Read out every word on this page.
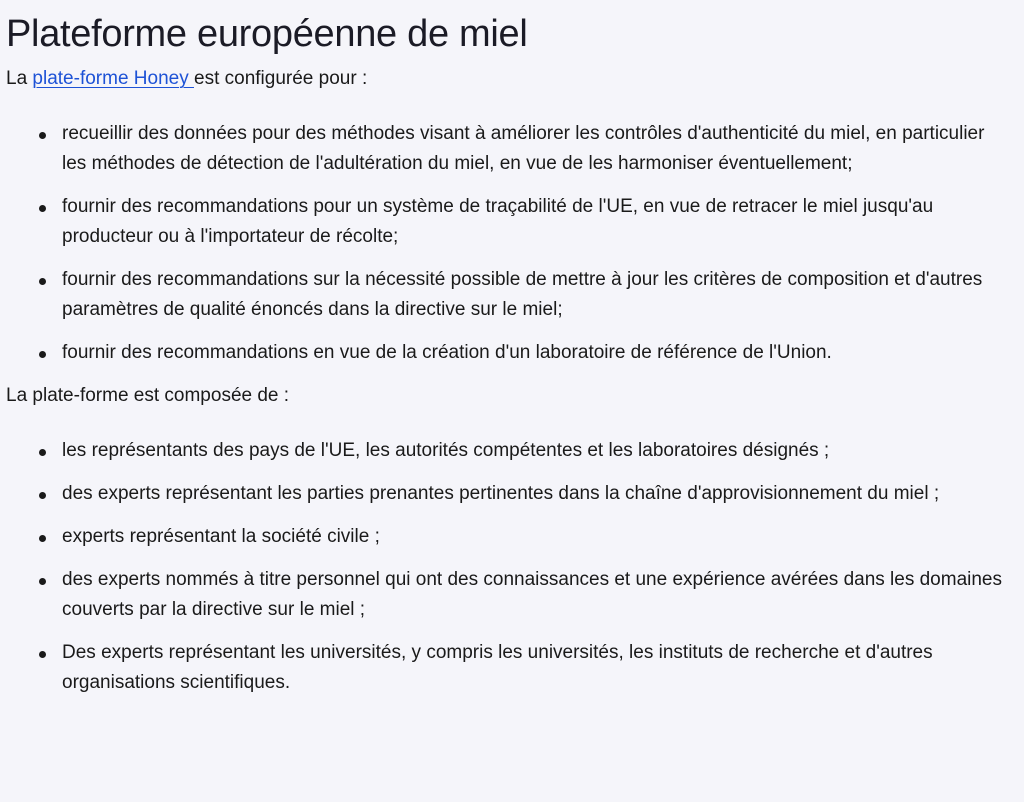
Plateforme européenne de miel

La plate-forme Honey est configurée pour :

recueillir des données pour des méthodes visant à améliorer les contrôles d'authenticité du miel, en particulier les méthodes de détection de l'adultération du miel, en vue de les harmoniser éventuellement;
fournir des recommandations pour un système de traçabilité de l'UE, en vue de retracer le miel jusqu'au producteur ou à l'importateur de récolte;
fournir des recommandations sur la nécessité possible de mettre à jour les critères de composition et d'autres paramètres de qualité énoncés dans la directive sur le miel;
fournir des recommandations en vue de la création d'un laboratoire de référence de l'Union.

La plate-forme est composée de :

les représentants des pays de l'UE, les autorités compétentes et les laboratoires désignés ;
des experts représentant les parties prenantes pertinentes dans la chaîne d'approvisionnement du miel ;
experts représentant la société civile ;
des experts nommés à titre personnel qui ont des connaissances et une expérience avérées dans les domaines couverts par la directive sur le miel ;
Des experts représentant les universités, y compris les universités, les instituts de recherche et d'autres organisations scientifiques.
